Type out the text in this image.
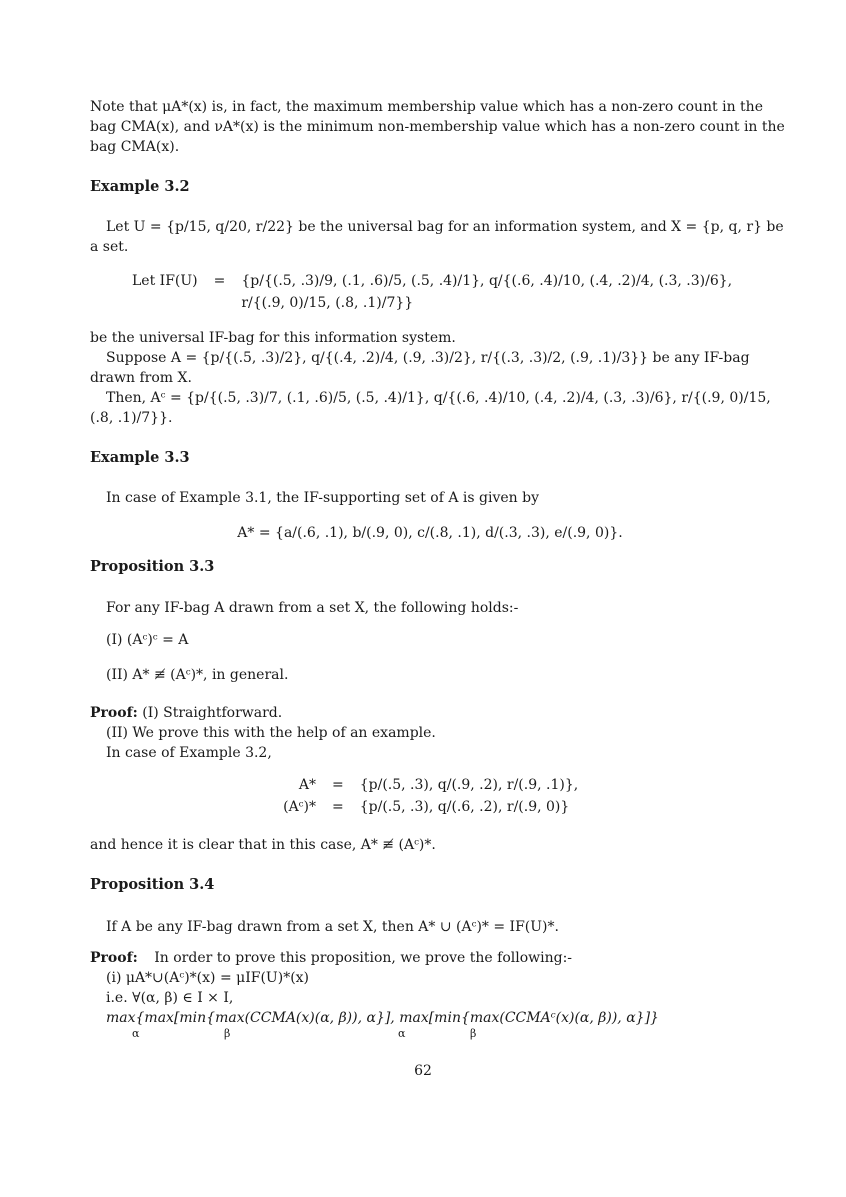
Note that μA*(x) is, in fact, the maximum membership value which has a non-zero count in the
bag CMA(x), and νA*(x) is the minimum non-membership value which has a non-zero count in the
bag CMA(x).
Example 3.2
Let U = {p/15, q/20, r/22} be the universal bag for an information system, and X = {p, q, r} be
a set.
Let IF(U)	=	{p/{(.5, .3)/9, (.1, .6)/5, (.5, .4)/1}, q/{(.6, .4)/10, (.4, .2)/4, (.3, .3)/6},
		r/{(.9, 0)/15, (.8, .1)/7}}
be the universal IF-bag for this information system.
Suppose A = {p/{(.5, .3)/2}, q/{(.4, .2)/4, (.9, .3)/2}, r/{(.3, .3)/2, (.9, .1)/3}} be any IF-bag
drawn from X.
Then, Aᶜ = {p/{(.5, .3)/7, (.1, .6)/5, (.5, .4)/1}, q/{(.6, .4)/10, (.4, .2)/4, (.3, .3)/6}, r/{(.9, 0)/15,
(.8, .1)/7}}.
Example 3.3
In case of Example 3.1, the IF-supporting set of A is given by
A* = {a/(.6, .1), b/(.9, 0), c/(.8, .1), d/(.3, .3), e/(.9, 0)}.
Proposition 3.3
For any IF-bag A drawn from a set X, the following holds:-
(I) (Aᶜ)ᶜ = A
(II) A* ≢ (Aᶜ)*, in general.
Proof: (I) Straightforward.
(II) We prove this with the help of an example.
In case of Example 3.2,
A*	=	{p/(.5, .3), q/(.9, .2), r/(.9, .1)},
(Aᶜ)*	=	{p/(.5, .3), q/(.6, .2), r/(.9, 0)}
and hence it is clear that in this case, A* ≢ (Aᶜ)*.
Proposition 3.4
If A be any IF-bag drawn from a set X, then A* ∪ (Aᶜ)* = IF(U)*.
Proof: In order to prove this proposition, we prove the following:-
(i) μA*∪(Aᶜ)*(x) = μIF(U)*(x)
i.e. ∀(α, β) ∈ I × I,
max{max[min{max(CCMA(x)(α, β)), α}], max[min{max(CCMAᶜ(x)(α, β)), α}]}
α	β	α	β
62
